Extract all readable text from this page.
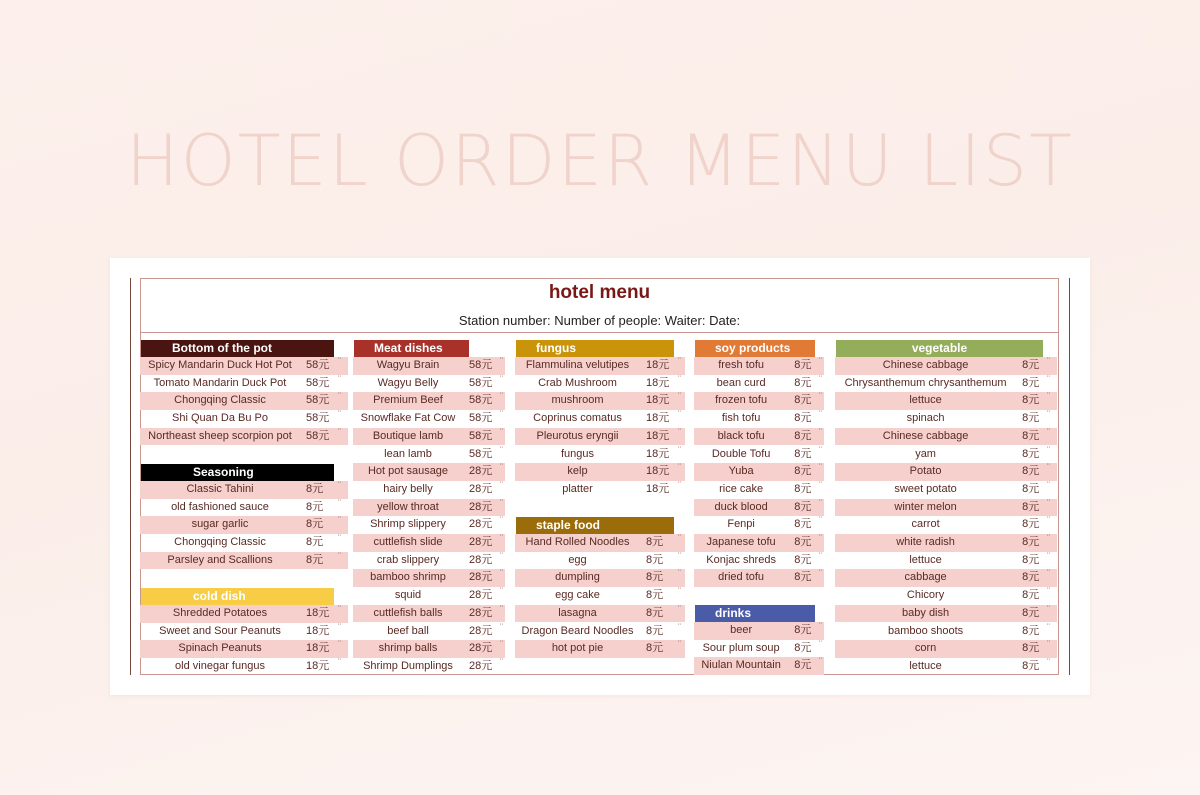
HOTEL ORDER MENU LIST
hotel menu
Station number: Number of people: Waiter: Date:
Bottom of the pot
Spicy Mandarin Duck Hot Pot	58元 ¨
Tomato Mandarin Duck Pot	58元 ¨
Chongqing Classic	58元 ¨
Shi Quan Da Bu Po	58元 ¨
Northeast sheep scorpion pot	58元 ¨
Seasoning
Classic Tahini	8元	¨
old fashioned sauce	8元	¨
sugar garlic	8元	¨
Chongqing Classic	8元	¨
Parsley and Scallions	8元	¨
cold dish
Shredded Potatoes	18元 ¨
Sweet and Sour Peanuts	18元 ¨
Spinach Peanuts	18元 ¨
old vinegar fungus	18元 ¨
Meat dishes
Wagyu Brain	58元 ¨
Wagyu Belly	58元 ¨
Premium Beef	58元 ¨
Snowflake Fat Cow	58元 ¨
Boutique lamb	58元 ¨
lean lamb	58元 ¨
Hot pot sausage	28元 ¨
hairy belly	28元 ¨
yellow throat	28元 ¨
Shrimp slippery	28元 ¨
cuttlefish slide	28元 ¨
crab slippery	28元 ¨
bamboo shrimp	28元 ¨
squid	28元 ¨
cuttlefish balls	28元 ¨
beef ball	28元 ¨
shrimp balls	28元 ¨
Shrimp Dumplings	28元 ¨
fungus
Flammulina velutipes	18元 ¨
Crab Mushroom	18元 ¨
mushroom	18元 ¨
Coprinus comatus	18元 ¨
Pleurotus eryngii	18元 ¨
fungus	18元 ¨
kelp	18元 ¨
platter	18元 ¨
staple food
Hand Rolled Noodles	8元	¨
egg	8元	¨
dumpling	8元	¨
egg cake	8元	¨
lasagna	8元	¨
Dragon Beard Noodles	8元	¨
hot pot pie	8元	¨
soy products
fresh tofu	8元 ¨
bean curd	8元 ¨
frozen tofu	8元 ¨
fish tofu	8元 ¨
black tofu	8元 ¨
Double Tofu	8元 ¨
Yuba	8元 ¨
rice cake	8元 ¨
duck blood	8元 ¨
Fenpi	8元 ¨
Japanese tofu	8元 ¨
Konjac shreds	8元 ¨
dried tofu	8元 ¨
drinks
beer	8元 ¨
Sour plum soup	8元 ¨
Niulan Mountain	8元 ¨
vegetable
Chinese cabbage	8元 ¨
Chrysanthemum chrysanthemum	8元 ¨
lettuce	8元 ¨
spinach	8元 ¨
Chinese cabbage	8元 ¨
yam	8元 ¨
Potato	8元 ¨
sweet potato	8元 ¨
winter melon	8元 ¨
carrot	8元 ¨
white radish	8元 ¨
lettuce	8元 ¨
cabbage	8元 ¨
Chicory	8元 ¨
baby dish	8元 ¨
bamboo shoots	8元 ¨
corn	8元 ¨
lettuce	8元 ¨
